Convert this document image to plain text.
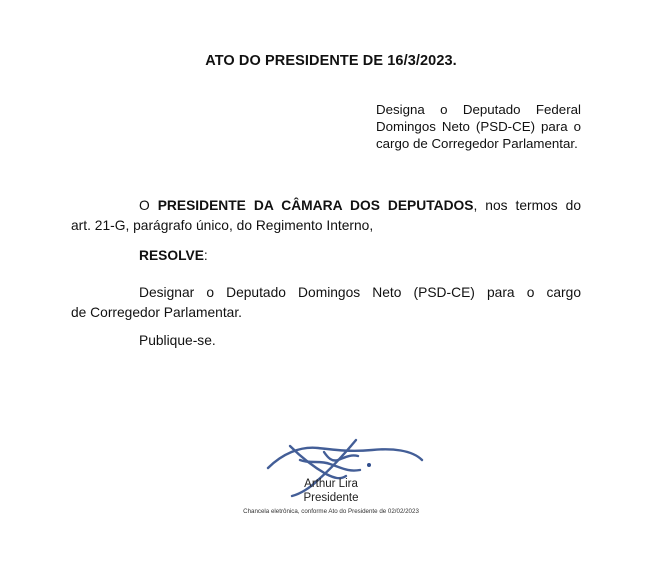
ATO DO PRESIDENTE DE 16/3/2023.
Designa o Deputado Federal
Domingos Neto (PSD-CE) para o
cargo de Corregedor Parlamentar.
O PRESIDENTE DA CÂMARA DOS DEPUTADOS, nos termos do
art. 21-G, parágrafo único, do Regimento Interno,
RESOLVE:
Designar o Deputado Domingos Neto (PSD-CE) para o cargo
de Corregedor Parlamentar.
Publique-se.
Arthur Lira
Presidente
Chancela eletrônica, conforme Ato do Presidente de 02/02/2023
